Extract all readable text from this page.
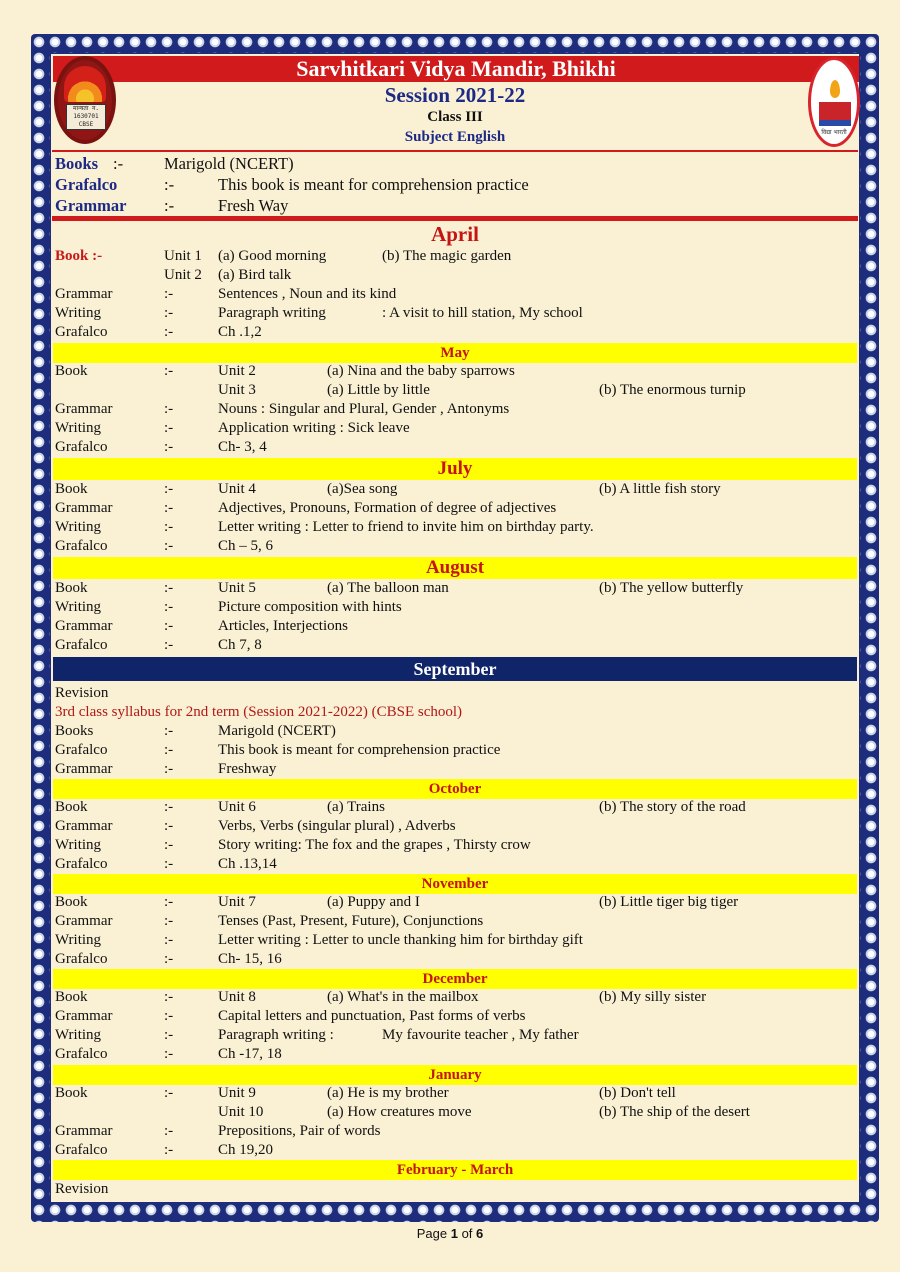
Sarvhitkari Vidya Mandir, Bhikhi
Session 2021-22
Class III
Subject English
मान्यता न. 1630701 CBSE
विद्या भारती
Books :- Marigold (NCERT)
Grafalco	:-	This book is meant for comprehension practice
Grammar :-	Fresh Way
April
Book :-	Unit 1 (a) Good morning	(b) The magic garden
Unit 2 (a) Bird talk
Grammar	:-	Sentences , Noun and its kind
Writing	:-	Paragraph writing	: A visit to hill station, My school
Grafalco	:-	Ch .1,2
May
Book	:-	Unit 2	(a) Nina and the baby sparrows
Unit 3	(a) Little by little	(b) The enormous turnip
Grammar	:-	Nouns : Singular and Plural, Gender , Antonyms
Writing	:-	Application writing : Sick leave
Grafalco	:-	Ch- 3, 4
July
Book	:-	Unit 4	(a)Sea song	(b) A little fish story
Grammar	:-	Adjectives, Pronouns, Formation of degree of adjectives
Writing	:-	Letter writing : Letter to friend to invite him on birthday party.
Grafalco	:-	Ch – 5, 6
August
Book	:-	Unit 5	(a) The balloon man	(b) The yellow butterfly
Writing	:-	Picture composition with hints
Grammar	:-	Articles, Interjections
Grafalco	:-	Ch 7, 8
September
Revision
3rd class syllabus for 2nd term (Session 2021-2022) (CBSE school)
Books	:-	Marigold (NCERT)
Grafalco	:-	This book is meant for comprehension practice
Grammar	:-	Freshway
October
Book	:-	Unit 6	(a) Trains	(b) The story of the road
Grammar	:-	Verbs, Verbs (singular plural) , Adverbs
Writing	:-	Story writing: The fox and the grapes , Thirsty crow
Grafalco	:-	Ch .13,14
November
Book	:-	Unit 7	(a) Puppy and I	(b) Little tiger big tiger
Grammar	:-	Tenses (Past, Present, Future), Conjunctions
Writing	:-	Letter writing : Letter to uncle thanking him for birthday gift
Grafalco	:-	Ch- 15, 16
December
Book	:-	Unit 8	(a) What's in the mailbox	(b) My silly sister
Grammar	:-	Capital letters and punctuation, Past forms of verbs
Writing	:-	Paragraph writing :	My favourite teacher , My father
Grafalco	:-	Ch -17, 18
January
Book	:-	Unit 9	(a) He is my brother	(b) Don't tell
Unit 10	(a) How creatures move	(b) The ship of the desert
Grammar	:-	Prepositions, Pair of words
Grafalco	:-	Ch 19,20
February - March
Revision
Page 1 of 6
